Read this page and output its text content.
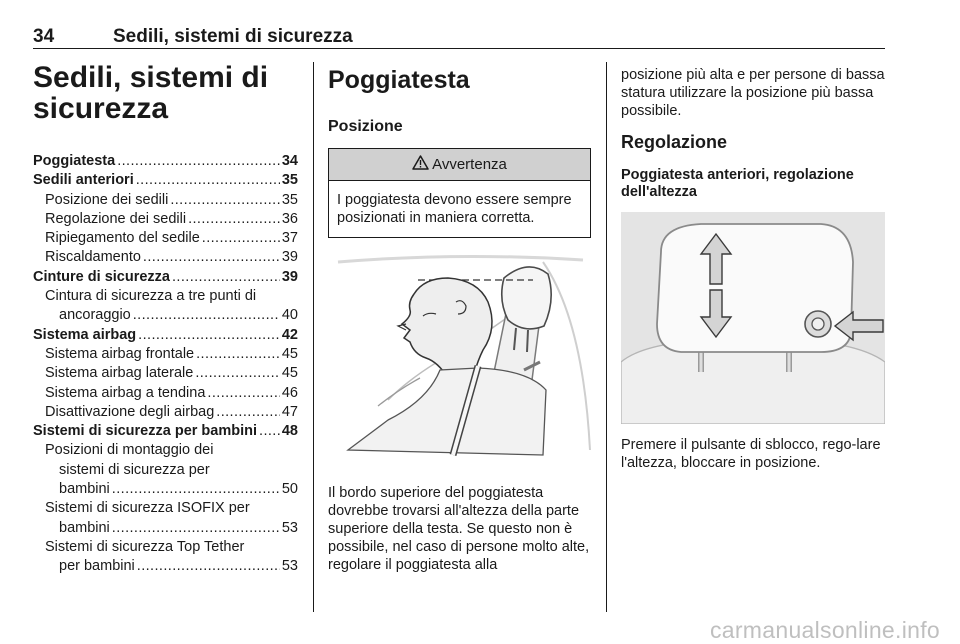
34	Sedili, sistemi di sicurezza
Sedili, sistemi di sicurezza
Poggiatesta .....	34
Sedili anteriori .....	35
Posizione dei sedili .....	35
Regolazione dei sedili .....	36
Ripiegamento del sedile .....	37
Riscaldamento .....	39
Cinture di sicurezza .....	39
Cintura di sicurezza a tre punti di
ancoraggio .....	40
Sistema airbag .....	42
Sistema airbag frontale .....	45
Sistema airbag laterale .....	45
Sistema airbag a tendina .....	46
Disattivazione degli airbag .....	47
Sistemi di sicurezza per bambini ..... 48
Posizioni di montaggio dei
sistemi di sicurezza per
bambini .....	50
Sistemi di sicurezza ISOFIX per
bambini .....	53
Sistemi di sicurezza Top Tether
per bambini .....	53
Poggiatesta
Posizione
Avvertenza
I poggiatesta devono essere sempre posizionati in maniera corretta.

Il bordo superiore del poggiatesta dovrebbe trovarsi all'altezza della parte superiore della testa. Se questo non è possibile, nel caso di persone molto alte, regolare il poggiatesta alla

posizione più alta e per persone di bassa statura utilizzare la posizione più bassa possibile.

Regolazione
Poggiatesta anteriori, regolazione dell'altezza

Premere il pulsante di sblocco, rego-lare l'altezza, bloccare in posizione.

carmanualsonline.info
